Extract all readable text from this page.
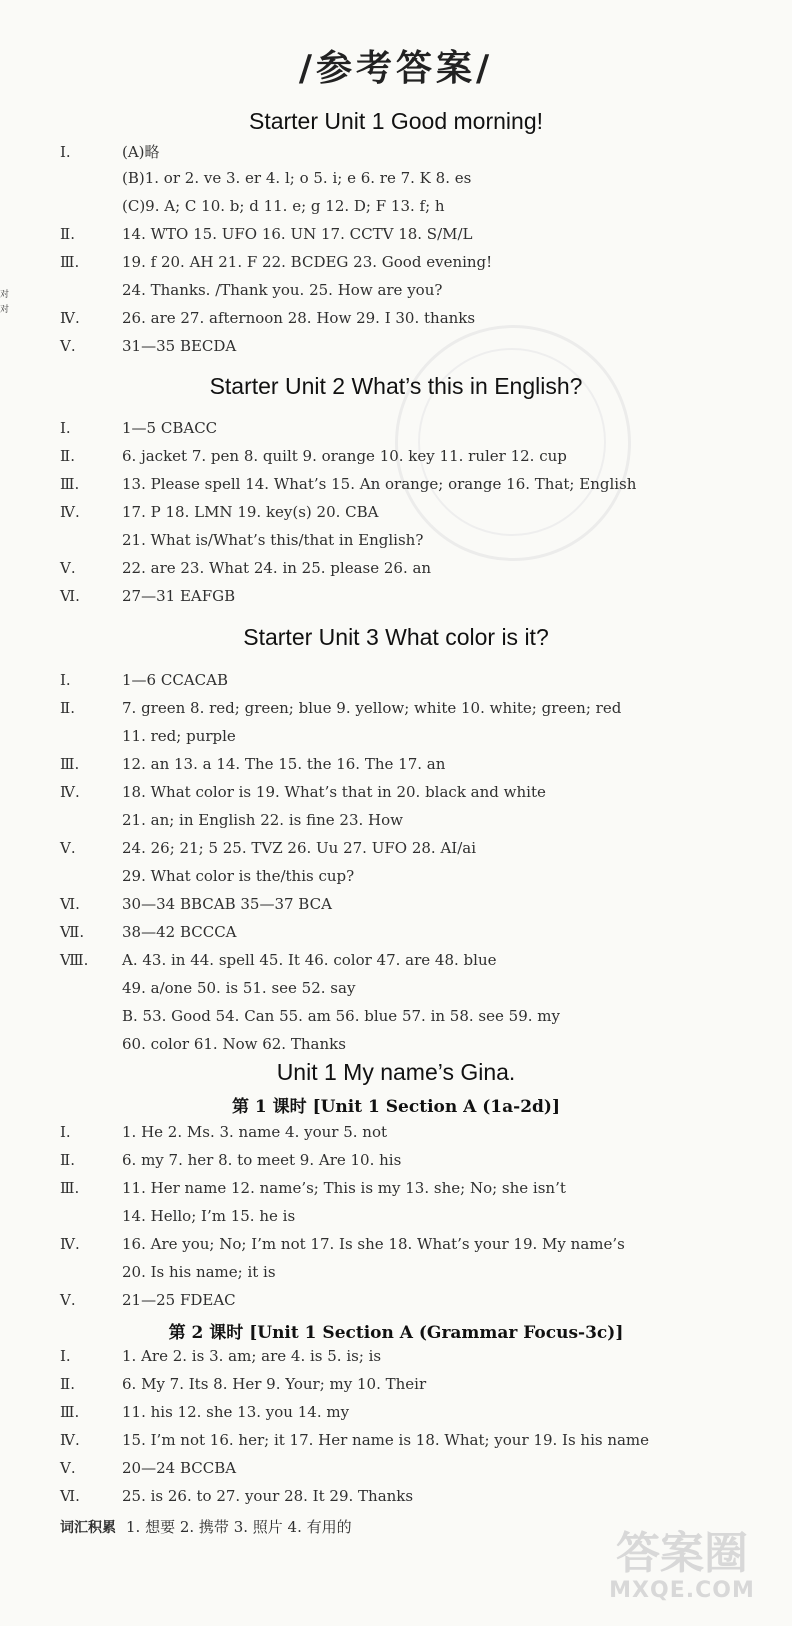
对
对
/参考答案/
Starter Unit 1 Good morning!
Ⅰ.	(A)略
(B)1. or 2. ve 3. er 4. l; o 5. i; e 6. re 7. K 8. es
(C)9. A; C 10. b; d 11. e; g 12. D; F 13. f; h
Ⅱ.	14. WTO 15. UFO 16. UN 17. CCTV 18. S/M/L
Ⅲ.	19. f 20. AH 21. F 22. BCDEG 23. Good evening!
24. Thanks. /Thank you. 25. How are you?
Ⅳ.	26. are 27. afternoon 28. How 29. I 30. thanks
Ⅴ.	31—35 BECDA
Starter Unit 2 What’s this in English?
Ⅰ.	1—5 CBACC
Ⅱ.	6. jacket 7. pen 8. quilt 9. orange 10. key 11. ruler 12. cup
Ⅲ.	13. Please spell 14. What’s 15. An orange; orange 16. That; English
Ⅳ.	17. P 18. LMN 19. key(s) 20. CBA
21. What is/What’s this/that in English?
Ⅴ.	22. are 23. What 24. in 25. please 26. an
Ⅵ.	27—31 EAFGB
Starter Unit 3 What color is it?
Ⅰ.	1—6 CCACAB
Ⅱ.	7. green 8. red; green; blue 9. yellow; white 10. white; green; red
11. red; purple
Ⅲ.	12. an 13. a 14. The 15. the 16. The 17. an
Ⅳ.	18. What color is 19. What’s that in 20. black and white
21. an; in English 22. is fine 23. How
Ⅴ.	24. 26; 21; 5 25. TVZ 26. Uu 27. UFO 28. AI/ai
29. What color is the/this cup?
Ⅵ.	30—34 BBCAB 35—37 BCA
Ⅶ.	38—42 BCCCA
Ⅷ. A. 43. in 44. spell 45. It 46. color 47. are 48. blue
49. a/one 50. is 51. see 52. say
B. 53. Good 54. Can 55. am 56. blue 57. in 58. see 59. my
60. color 61. Now 62. Thanks
Unit 1 My name’s Gina.
第 1 课时 [Unit 1 Section A (1a-2d)]
Ⅰ.	1. He 2. Ms. 3. name 4. your 5. not
Ⅱ.	6. my 7. her 8. to meet 9. Are 10. his
Ⅲ.	11. Her name 12. name’s; This is my 13. she; No; she isn’t
14. Hello; I’m 15. he is
Ⅳ.	16. Are you; No; I’m not 17. Is she 18. What’s your 19. My name’s
20. Is his name; it is
Ⅴ.	21—25 FDEAC
第 2 课时 [Unit 1 Section A (Grammar Focus-3c)]
Ⅰ.	1. Are 2. is 3. am; are 4. is 5. is; is
Ⅱ.	6. My 7. Its 8. Her 9. Your; my 10. Their
Ⅲ.	11. his 12. she 13. you 14. my
Ⅳ.	15. I’m not 16. her; it 17. Her name is 18. What; your 19. Is his name
Ⅴ.	20—24 BCCBA
Ⅵ.	25. is 26. to 27. your 28. It 29. Thanks
词汇积累 1. 想要 2. 携带 3. 照片 4. 有用的
答案圈
MXQE.COM
